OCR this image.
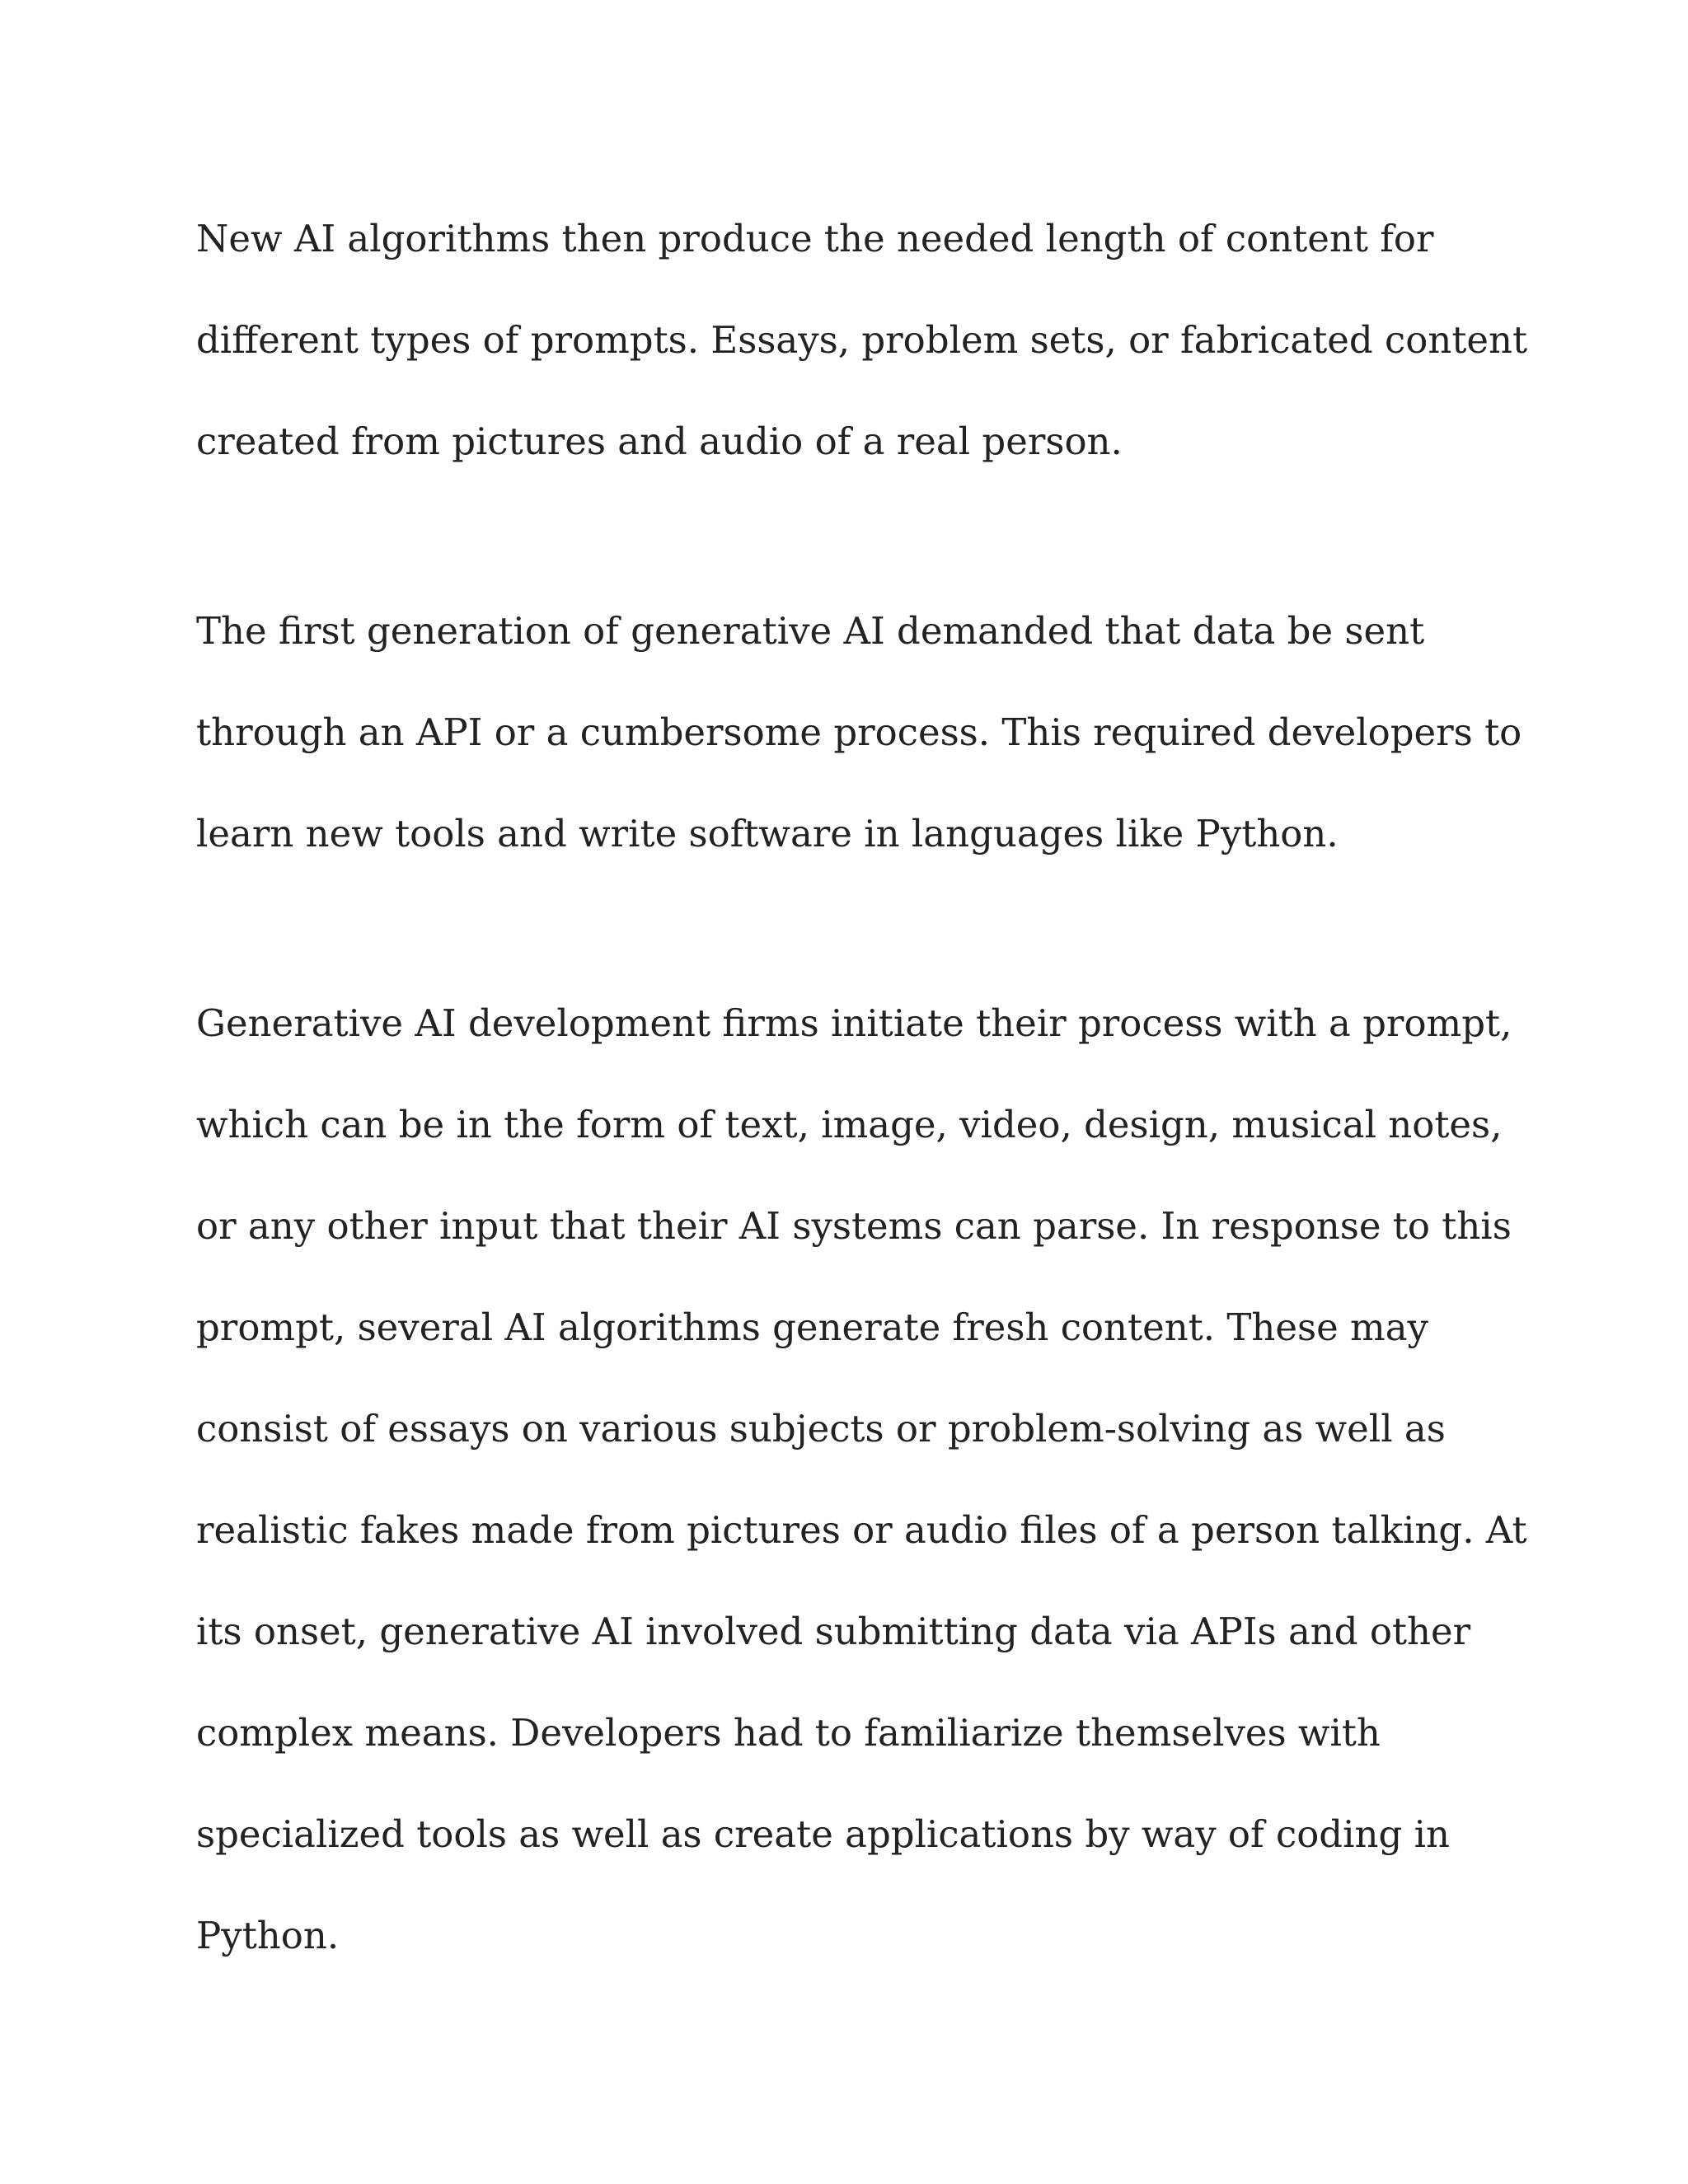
New AI algorithms then produce the needed length of content for

different types of prompts. Essays, problem sets, or fabricated content

created from pictures and audio of a real person.

The first generation of generative AI demanded that data be sent

through an API or a cumbersome process. This required developers to

learn new tools and write software in languages like Python.

Generative AI development firms initiate their process with a prompt,

which can be in the form of text, image, video, design, musical notes,

or any other input that their AI systems can parse. In response to this

prompt, several AI algorithms generate fresh content. These may

consist of essays on various subjects or problem-solving as well as

realistic fakes made from pictures or audio files of a person talking. At

its onset, generative AI involved submitting data via APIs and other

complex means. Developers had to familiarize themselves with

specialized tools as well as create applications by way of coding in

Python.
